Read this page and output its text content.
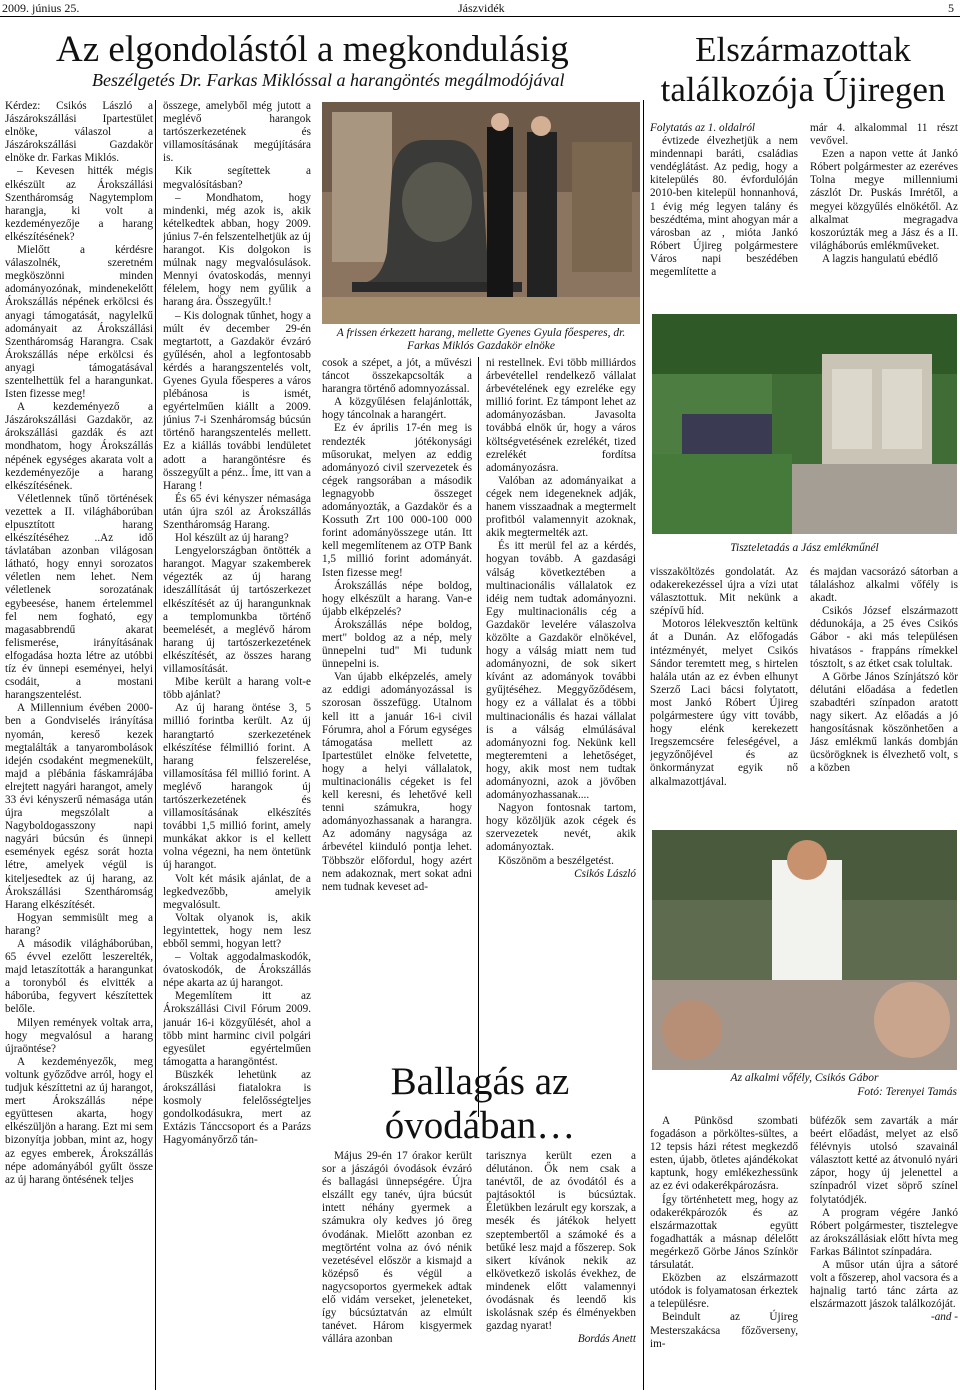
2009. június 25.	Jászvidék	5
Az elgondolástól a megkondulásig
Beszélgetés Dr. Farkas Miklóssal a harangöntés megálmodójával

Kérdez: Csikós László a Jászárokszállási Ipartestület elnöke, válaszol a Jászárokszállási Gazdakör elnöke dr. Farkas Miklós.

– Kevesen hitték mégis elkészült az Árokszállási Szentháromság Nagytemplom harangja, ki volt a kezdeményezője a harang elkészítésének?

Mielőtt a kérdésre válaszolnék, szeretném megköszönni minden adományozónak, mindenekelőtt Árokszállás népének erkölcsi és anyagi támogatását, nagylelkű adományait az Árokszállási Szentháromság Harangra. Csak Árokszállás népe erkölcsi és anyagi támogatásával szentelhettük fel a harangunkat. Isten fizesse meg!

A kezdeményező a Jászárokszállási Gazdakör, az árokszállási gazdák és azt mondhatom, hogy Árokszállás népének egységes akarata volt a kezdeményezője a harang elkészítésének.

Véletlennek tűnő történések vezettek a II. világháborúban elpusztított harang elkészítéséhez ..Az idő távlatában azonban világosan látható, hogy ennyi sorozatos véletlen nem lehet. Nem véletlenek sorozatának egybeesése, hanem értelemmel fel nem fogható, egy magasabbrendű akarat felismerése, irányításának elfogadása hozta létre az utóbbi tíz év ünnepi eseményei, helyi csodáit, a mostani harangszentelést.

A Millennium évében 2000-ben a Gondviselés irányítása nyomán, kereső kezek megtalálták a tanyarombolások idején csodaként megmenekült, majd a plébánia fáskamrájába elrejtett nagyári harangot, amely 33 évi kényszerű némasága után újra megszólalt a Nagyboldogasszony napi nagyári búcsún és ünnepi események egész sorát hozta létre, amelyek végül is kiteljesedtek az új harang, az Árokszállási Szentháromság Harang elkészítését.

Hogyan semmisült meg a harang?

A második világháborúban, 65 évvel ezelőtt leszerelték, majd letaszították a harangunkat a toronyból és elvitték a háborúba, fegyvert készítettek belőle.

Milyen remények voltak arra, hogy megvalósul a harang újraöntése?

A kezdeményezők, meg voltunk győződve arról, hogy el tudjuk készíttetni az új harangot, mert Árokszállás népe együttesen akarta, hogy elkészüljön a harang. Ezt mi sem bizonyítja jobban, mint az, hogy az egyes emberek, Árokszállás népe adományából gyűlt össze az új harang öntésének teljes

összege, amelyből még jutott a meglévő harangok tartószerkezetének és villamosításának megújítására is.

Kik segítettek a megvalósításban?

– Mondhatom, hogy mindenki, még azok is, akik kételkedtek abban, hogy 2009. június 7-én felszentelhetjük az új harangot. Kis dolgokon is múlnak nagy megvalósulások. Mennyi óvatoskodás, mennyi félelem, hogy nem gyűlik a harang ára. Összegyűlt.!

– Kis dolognak tűnhet, hogy a múlt év december 29-én megtartott, a Gazdakör évzáró gyűlésén, ahol a legfontosabb kérdés a harangszentelés volt, Gyenes Gyula főesperes a város plébánosa is ismét, egyértelműen kiállt a 2009. június 7-i Szenháromság búcsún történő harangszentelés mellett. Ez a kiállás további lendületet adott a harangöntésre és összegyűlt a pénz.. Íme, itt van a Harang !

És 65 évi kényszer némasága után újra szól az Árokszállás Szentháromság Harang.

Hol készült az új harang?

Lengyelországban öntötték a harangot. Magyar szakemberek végezték az új harang ideszállítását új tartószerkezet elkészítését az új harangunknak a templomunkba történő beemelését, a meglévő három harang új tartószerkezetének elkészítését, az összes harang villamosítását.

Mibe került a harang volt-e több ajánlat?

Az új harang öntése 3, 5 millió forintba került. Az új harangtartó szerkezetének elkészítése félmillió forint. A harang felszerelése, villamosítása fél millió forint. A meglévő harangok új tartószerkezetének és villamosításának elkészítés további 1,5 millió forint, amely munkákat akkor is el kellett volna végezni, ha nem öntetünk új harangot.

Volt két másik ajánlat, de a legkedvezőbb, amelyik megvalósult.

Voltak olyanok is, akik legyintettek, hogy nem lesz ebből semmi, hogyan lett?

– Voltak aggodalmaskodók, óvatoskodók, de Árokszállás népe akarta az új harangot.

Megemlítem itt az Árokszállási Civil Fórum 2009. január 16-i közgyűlését, ahol a több mint harminc civil polgári egyesület egyértelműen támogatta a harangöntést.

Büszkék lehetünk az árokszállási fiatalokra is kosmoly felelősségteljes gondolkodásukra, mert az Extázis Tánccsoport és a Parázs Hagyományőrző tán-

A frissen érkezett harang, mellette Gyenes Gyula főesperes, dr. Farkas Miklós Gazdakör elnöke

cosok a szépet, a jót, a művészi táncot összekapcsolták a harangra történő adomnyozással.

A közgyűlésen felajánlották, hogy táncolnak a harangért.

Ez év április 17-én meg is rendezték jótékonysági műsorukat, melyen az eddig adományozó civil szervezetek és cégek rangsorában a második legnagyobb összeget adományozták, a Gazdakör és a Kossuth Zrt 100 000-100 000 forint adományösszege után. Itt kell megemlítenem az OTP Bank 1,5 millió forint adományát. Isten fizesse meg!

Árokszállás népe boldog, hogy elkészült a harang. Van-e újabb elképzelés?

Árokszállás népe boldog, mert" boldog az a nép, mely ünnepelni tud" Mi tudunk ünnepelni is.

Van újabb elképzelés, amely az eddigi adományozással is szorosan összefügg. Utalnom kell itt a január 16-i civil Fórumra, ahol a Fórum egységes támogatása mellett az Ipartestület elnöke felvetette, hogy a helyi vállalatok, multinacionális cégeket is fel kell keresni, és lehetővé kell tenni számukra, hogy adományozhassanak a harangra. Az adomány nagysága az árbevétel kiinduló pontja lehet. Többször előfordul, hogy azért nem adakoznak, mert sokat adni nem tudnak keveset ad-

ni restellnek. Évi több milliárdos árbevétellel rendelkező vállalat árbevételének egy ezreléke egy millió forint. Ez támpont lehet az adományozásban. Javasolta továbbá elnök úr, hogy a város költségvetésének ezrelékét, tized ezrelékét fordítsa adományozásra.

Valóban az adományaikat a cégek nem idegeneknek adják, hanem visszaadnak a megtermelt profitból valamennyit azoknak, akik megtermelték azt.

És itt merül fel az a kérdés, hogyan tovább. A gazdasági válság következtében a multinacionális vállalatok ez idéig nem tudtak adományozni. Egy multinacionális cég a Gazdakör levelére válaszolva közölte a Gazdakör elnökével, hogy a válság miatt nem tud adományozni, de sok sikert kívánt az adományok további gyűjtéséhez. Meggyőződésem, hogy ez a vállalat és a többi multinacionális és hazai vállalat is a válság elmúlásával adományozni fog. Nekünk kell megteremteni a lehetőséget, hogy, akik most nem tudtak adományozni, azok a jövőben adományozhassanak....

Nagyon fontosnak tartom, hogy közöljük azok cégek és szervezetek nevét, akik adományoztak.

Köszönöm a beszélgetést.

Csikós László

Ballagás az
óvodában…

Május 29-én 17 órakor került sor a jászágói óvodások évzáró és ballagási ünnepségére. Újra elszállt egy tanév, újra búcsút intett néhány gyermek a számukra oly kedves jó öreg óvodának. Mielőtt azonban ez megtörtént volna az óvó nénik vezetésével először a kismajd a középső és végül a nagycsoportos gyermekek adtak elő vidám verseket, jeleneteket, így búcsúztatván az elmúlt tanévet. Három kisgyermek vállára azonban

tarisznya került ezen a délutánon. Ők nem csak a tanévtől, de az óvodától és a pajtásoktól is búcsúztak. Életükben lezárult egy korszak, a mesék és játékok helyett szeptembertől a számoké és a betűké lesz majd a főszerep. Sok sikert kívánok nekik az elkövetkező iskolás évekhez, de mindenek előtt valamennyi óvodásnak és leendő kis iskolásnak szép és élményekben gazdag nyarat!

Bordás Anett

Elszármazottak találkozója Újiregen

Folytatás az 1. oldalról

évtizede élvezhetjük a nem mindennapi baráti, családias vendéglátást. Az pedig, hogy a kitelepülés 80. évfordulóján 2010-ben kitelepül honnanhová, 1 évig még legyen talány és beszédtéma, mint ahogyan már a városban az , mióta Jankó Róbert Újireg polgármestere Város napi beszédében megemlítette a

már 4. alkalommal 11 részt vevővel.

Ezen a napon vette át Jankó Róbert polgármester az ezeréves Tolna megye millenniumi zászlót Dr. Puskás Imrétől, a megyei közgyűlés elnökétől. Az alkalmat megragadva koszorúzták meg a Jász és a II. világháborús emlékműveket.

A lagzis hangulatú ebédlő

Tiszteletadás a Jász emlékműnél

visszaköltözés gondolatát. Az odakerekezéssel újra a vízi utat választottuk. Mit nekünk a szépívű híd.

Motoros lélekvesztőn keltünk át a Dunán. Az előfogadás intézményét, melyet Csikós Sándor teremtett meg, s hirtelen halála után az ez évben elhunyt Szerző Laci bácsi folytatott, most Jankó Róbert Újireg polgármestere úgy vitt tovább, hogy elénk kerekezett Iregszemcsére feleségével, a jegyzőnőjével és az önkormányzat egyik nő alkalmazottjával.

és majdan vacsorázó sátorban a tálaláshoz alkalmi vőfély is akadt.

Csikós József elszármazott dédunokája, a 25 éves Csikós Gábor - aki más településen hivatásos - frappáns rímekkel tósztolt, s az étket csak tolultak.

A Görbe János Színjátszó kör délutáni előadása a fedetlen szabadtéri színpadon aratott nagy sikert. Az előadás a jó hangosításnak köszönhetően a Jász emlékmű lankás dombján ücsörögknek is élvezhető volt, s a közben

Az alkalmi vőfély, Csikós Gábor
Fotó: Terenyei Tamás

A Pünkösd szombati fogadáson a pörköltes-sültes, a 12 tepsis házi rétest megkezdő esten, újabb, ötletes ajándékokat kaptunk, hogy emlékezhessünk az ez évi odakerékpározásra.

Így történhetett meg, hogy az odakerékpározók és az elszármazottak együtt fogadhatták a másnap délelőtt megérkező Görbe János Színkör társulatát.

Eközben az elszármazott utódok is folyamatosan érkeztek a településre.

Beindult az Újireg Mesterszakácsa főzőverseny, im-

büfézők sem zavarták a már beért előadást, melyet az első félévnyis utolsó szavainál választott ketté az átvonuló nyári zápor, hogy új jelenettel a színpadról vizet söprő színel folytatódjék.

A program végére Jankó Róbert polgármester, tisztelegve az árokszállásiak előtt hívta meg Farkas Bálintot színpadára.

A műsor után újra a sátoré volt a főszerep, ahol vacsora és a hajnalig tartó tánc zárta az elszármazott jászok találkozóját.

-and -
